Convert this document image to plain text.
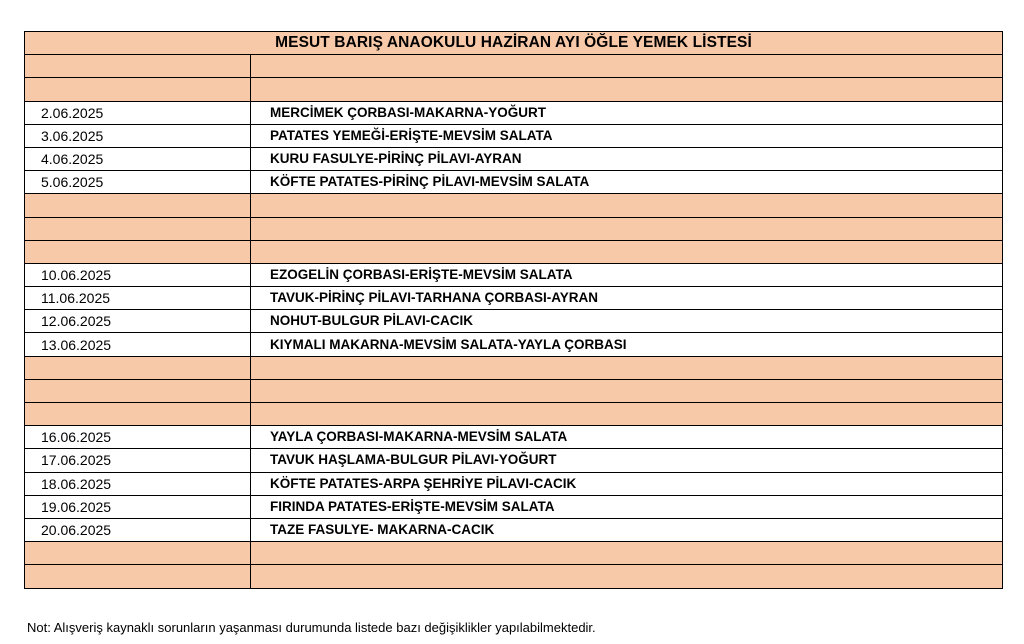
MESUT BARIŞ ANAOKULU HAZİRAN AYI ÖĞLE YEMEK LİSTESİ	

2.06.2025	MERCİMEK ÇORBASI-MAKARNA-YOĞURT
3.06.2025	PATATES YEMEĞİ-ERİŞTE-MEVSİM SALATA
4.06.2025	KURU FASULYE-PİRİNÇ PİLAVI-AYRAN
5.06.2025	KÖFTE PATATES-PİRİNÇ PİLAVI-MEVSİM SALATA

10.06.2025	EZOGELİN ÇORBASI-ERİŞTE-MEVSİM SALATA
11.06.2025	TAVUK-PİRİNÇ PİLAVI-TARHANA ÇORBASI-AYRAN
12.06.2025	NOHUT-BULGUR PİLAVI-CACIK
13.06.2025	KIYMALI MAKARNA-MEVSİM SALATA-YAYLA ÇORBASI

16.06.2025	YAYLA ÇORBASI-MAKARNA-MEVSİM SALATA
17.06.2025	TAVUK HAŞLAMA-BULGUR PİLAVI-YOĞURT
18.06.2025	KÖFTE PATATES-ARPA ŞEHRİYE PİLAVI-CACIK
19.06.2025	FIRINDA PATATES-ERİŞTE-MEVSİM SALATA
20.06.2025	TAZE FASULYE- MAKARNA-CACIK

Not: Alışveriş kaynaklı sorunların yaşanması durumunda listede bazı değişiklikler yapılabilmektedir.
